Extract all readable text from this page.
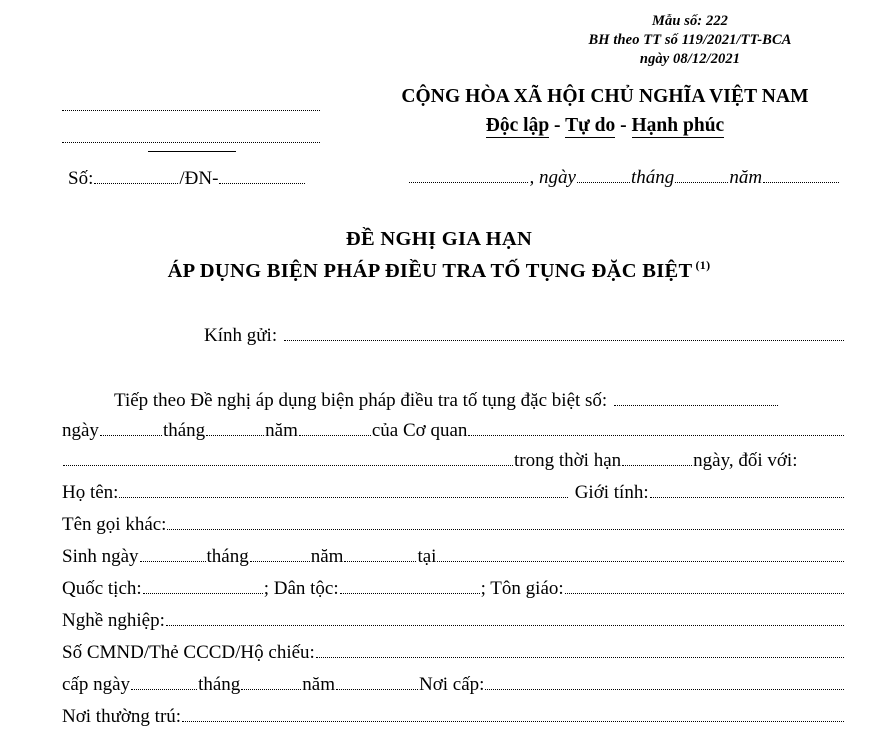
Mẫu số: 222
BH theo TT số 119/2021/TT-BCA
ngày 08/12/2021
Số:	/ĐN-
CỘNG HÒA XÃ HỘI CHỦ NGHĨA VIỆT NAM
Độc lập - Tự do - Hạnh phúc
, ngày	tháng	năm
ĐỀ NGHỊ GIA HẠN
ÁP DỤNG BIỆN PHÁP ĐIỀU TRA TỐ TỤNG ĐẶC BIỆT $^{(1)}$
Kính gửi:
Tiếp theo Đề nghị áp dụng biện pháp điều tra tố tụng đặc biệt số:
ngày	tháng	năm	của Cơ quan
trong thời hạn	ngày, đối với:
Họ tên:	Giới tính:
Tên gọi khác:
Sinh ngày	tháng	năm	tại
Quốc tịch:	; Dân tộc:	; Tôn giáo:
Nghề nghiệp:
Số CMND/Thẻ CCCD/Hộ chiếu:
cấp ngày	tháng	năm	Nơi cấp:
Nơi thường trú:
